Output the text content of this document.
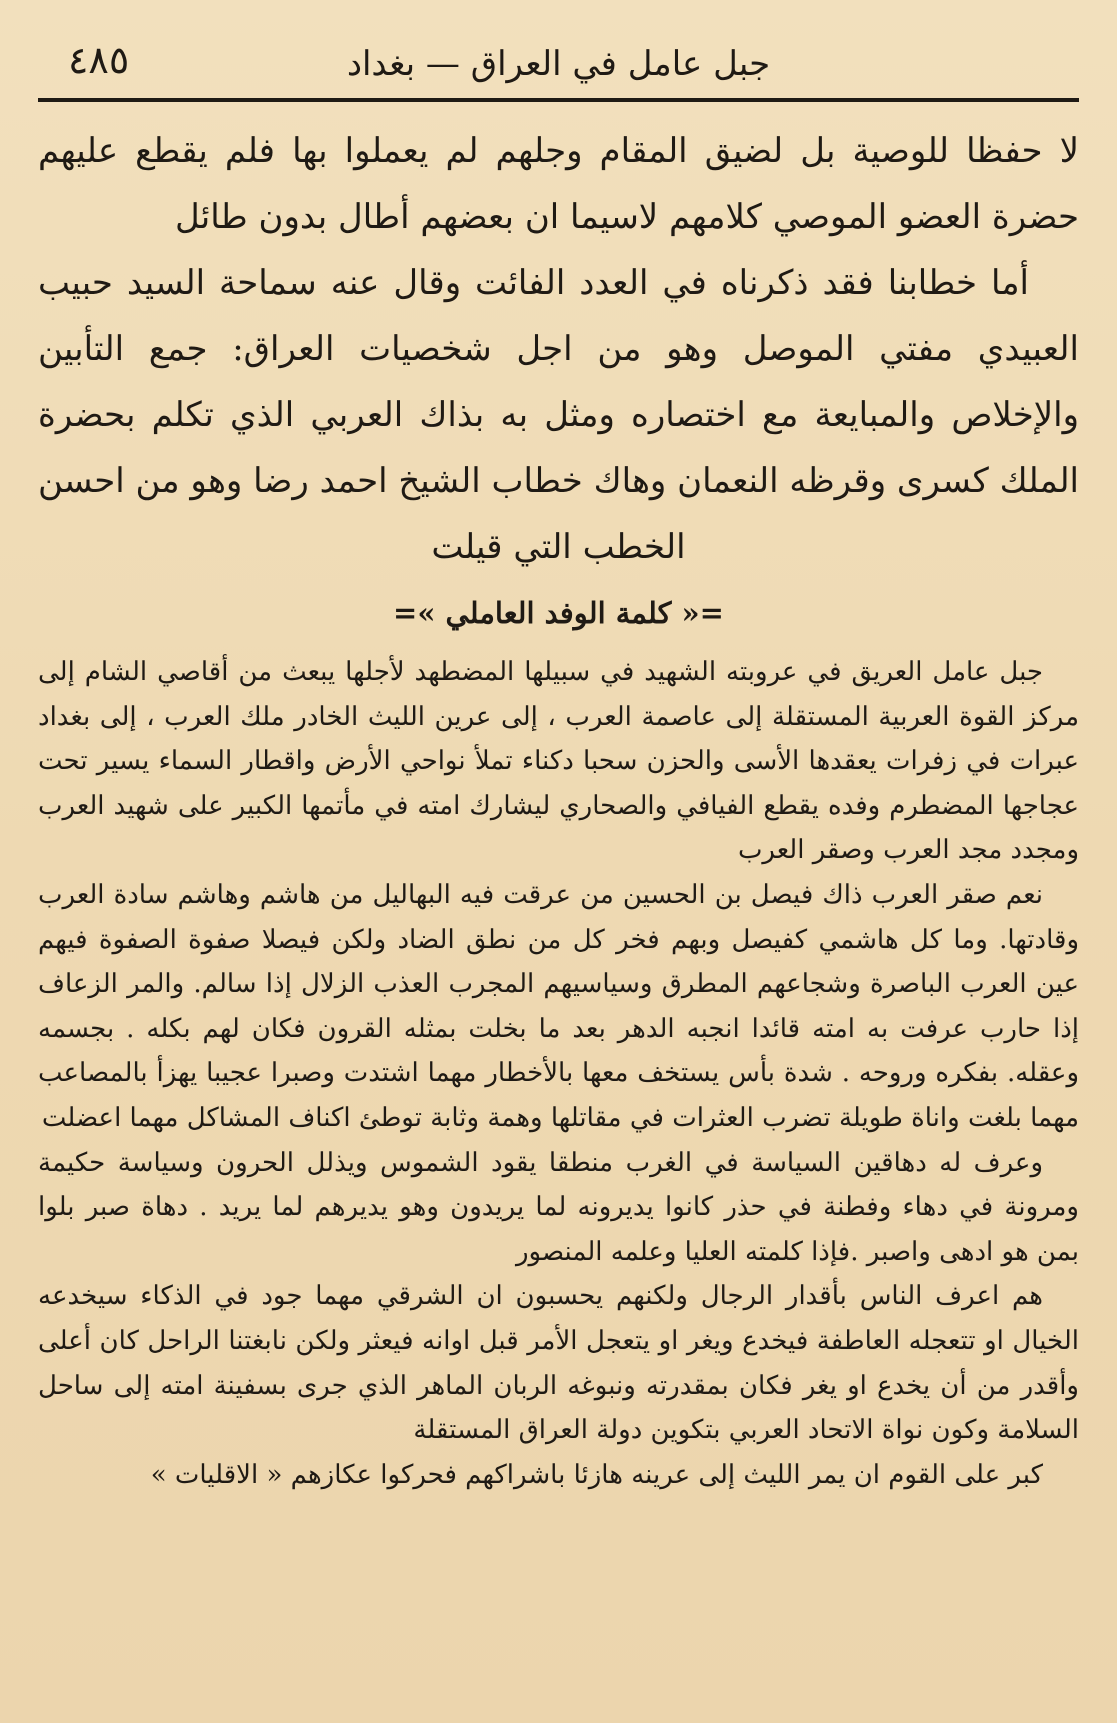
٤٨٥	جبل عامل في العراق — بغداد

لا حفظا للوصية بل لضيق المقام وجلهم لم يعملوا بها فلم يقطع عليهم حضرة العضو الموصي كلامهم لاسيما ان بعضهم أطال بدون طائل

أما خطابنا فقد ذكرناه في العدد الفائت وقال عنه سماحة السيد حبيب العبيدي مفتي الموصل وهو من اجل شخصيات العراق: جمع التأبين والإخلاص والمبايعة مع اختصاره ومثل به بذاك العربي الذي تكلم بحضرة الملك كسرى وقرظه النعمان وهاك خطاب الشيخ احمد رضا وهو من احسن الخطب التي قيلت

=« كلمة الوفد العاملي »=

جبل عامل العريق في عروبته الشهيد في سبيلها المضطهد لأجلها يبعث من أقاصي الشام إلى مركز القوة العربية المستقلة إلى عاصمة العرب ، إلى عرين الليث الخادر ملك العرب ، إلى بغداد عبرات في زفرات يعقدها الأسى والحزن سحبا دكناء تملأ نواحي الأرض واقطار السماء يسير تحت عجاجها المضطرم وفده يقطع الفيافي والصحاري ليشارك امته في مأتمها الكبير على شهيد العرب ومجدد مجد العرب وصقر العرب

نعم صقر العرب ذاك فيصل بن الحسين من عرقت فيه البهاليل من هاشم وهاشم سادة العرب وقادتها. وما كل هاشمي كفيصل وبهم فخر كل من نطق الضاد ولكن فيصلا صفوة الصفوة فيهم عين العرب الباصرة وشجاعهم المطرق وسياسيهم المجرب العذب الزلال إذا سالم. والمر الزعاف إذا حارب عرفت به امته قائدا انجبه الدهر بعد ما بخلت بمثله القرون فكان لهم بكله . بجسمه وعقله. بفكره وروحه . شدة بأس يستخف معها بالأخطار مهما اشتدت وصبرا عجيبا يهزأ بالمصاعب مهما بلغت واناة طويلة تضرب العثرات في مقاتلها وهمة وثابة توطئ اكناف المشاكل مهما اعضلت

وعرف له دهاقين السياسة في الغرب منطقا يقود الشموس ويذلل الحرون وسياسة حكيمة ومرونة في دهاء وفطنة في حذر كانوا يديرونه لما يريدون وهو يديرهم لما يريد . دهاة صبر بلوا بمن هو ادهى واصبر .فإذا كلمته العليا وعلمه المنصور

هم اعرف الناس بأقدار الرجال ولكنهم يحسبون ان الشرقي مهما جود في الذكاء سيخدعه الخيال او تتعجله العاطفة فيخدع ويغر او يتعجل الأمر قبل اوانه فيعثر ولكن نابغتنا الراحل كان أعلى وأقدر من أن يخدع او يغر فكان بمقدرته ونبوغه الربان الماهر الذي جرى بسفينة امته إلى ساحل السلامة وكون نواة الاتحاد العربي بتكوين دولة العراق المستقلة

كبر على القوم ان يمر الليث إلى عرينه هازئا باشراكهم فحركوا عكازهم « الاقليات »
